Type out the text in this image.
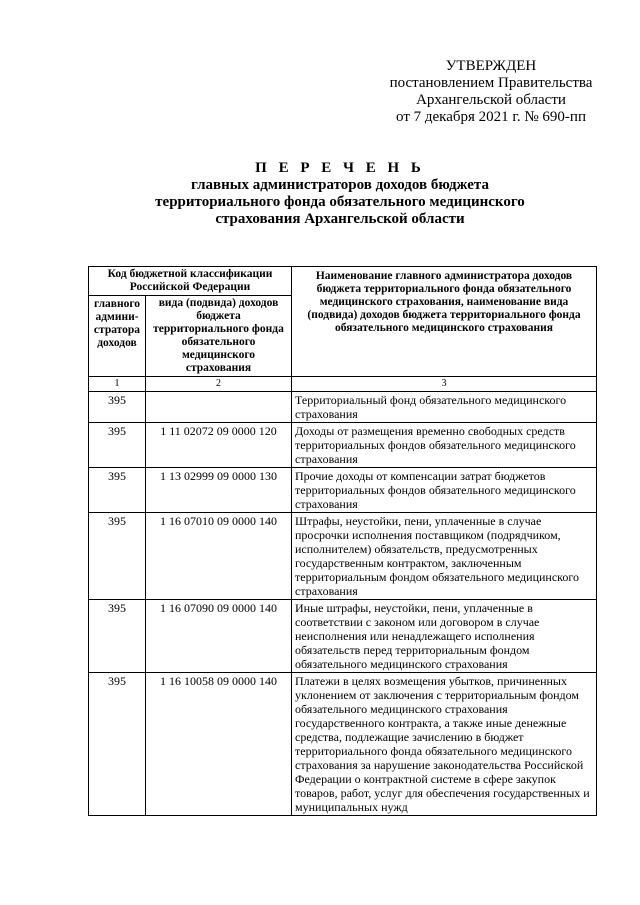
УТВЕРЖДЕН
постановлением Правительства
Архангельской области
от 7 декабря 2021 г. № 690-пп
П Е Р Е Ч Е Н Ь
главных администраторов доходов бюджета
территориального фонда обязательного медицинского
страхования Архангельской области
Код бюджетной классификации Российской Федерации		Наименование главного администратора доходов бюджета территориального фонда обязательного медицинского страхования, наименование вида (подвида) доходов бюджета территориального фонда обязательного медицинского страхования
главного админи-стратора доходов	вида (подвида) доходов бюджета территориального фонда обязательного медицинского страхования	
1	2	3
395		Территориальный фонд обязательного медицинского страхования
395	1 11 02072 09 0000 120	Доходы от размещения временно свободных средств территориальных фондов обязательного медицинского страхования
395	1 13 02999 09 0000 130	Прочие доходы от компенсации затрат бюджетов территориальных фондов обязательного медицинского страхования
395	1 16 07010 09 0000 140	Штрафы, неустойки, пени, уплаченные в случае просрочки исполнения поставщиком (подрядчиком, исполнителем) обязательств, предусмотренных государственным контрактом, заключенным территориальным фондом обязательного медицинского страхования
395	1 16 07090 09 0000 140	Иные штрафы, неустойки, пени, уплаченные в соответствии с законом или договором в случае неисполнения или ненадлежащего исполнения обязательств перед территориальным фондом обязательного медицинского страхования
395	1 16 10058 09 0000 140	Платежи в целях возмещения убытков, причиненных уклонением от заключения с территориальным фондом обязательного медицинского страхования государственного контракта, а также иные денежные средства, подлежащие зачислению в бюджет территориального фонда обязательного медицинского страхования за нарушение законодательства Российской Федерации о контрактной системе в сфере закупок товаров, работ, услуг для обеспечения государственных и муниципальных нужд
